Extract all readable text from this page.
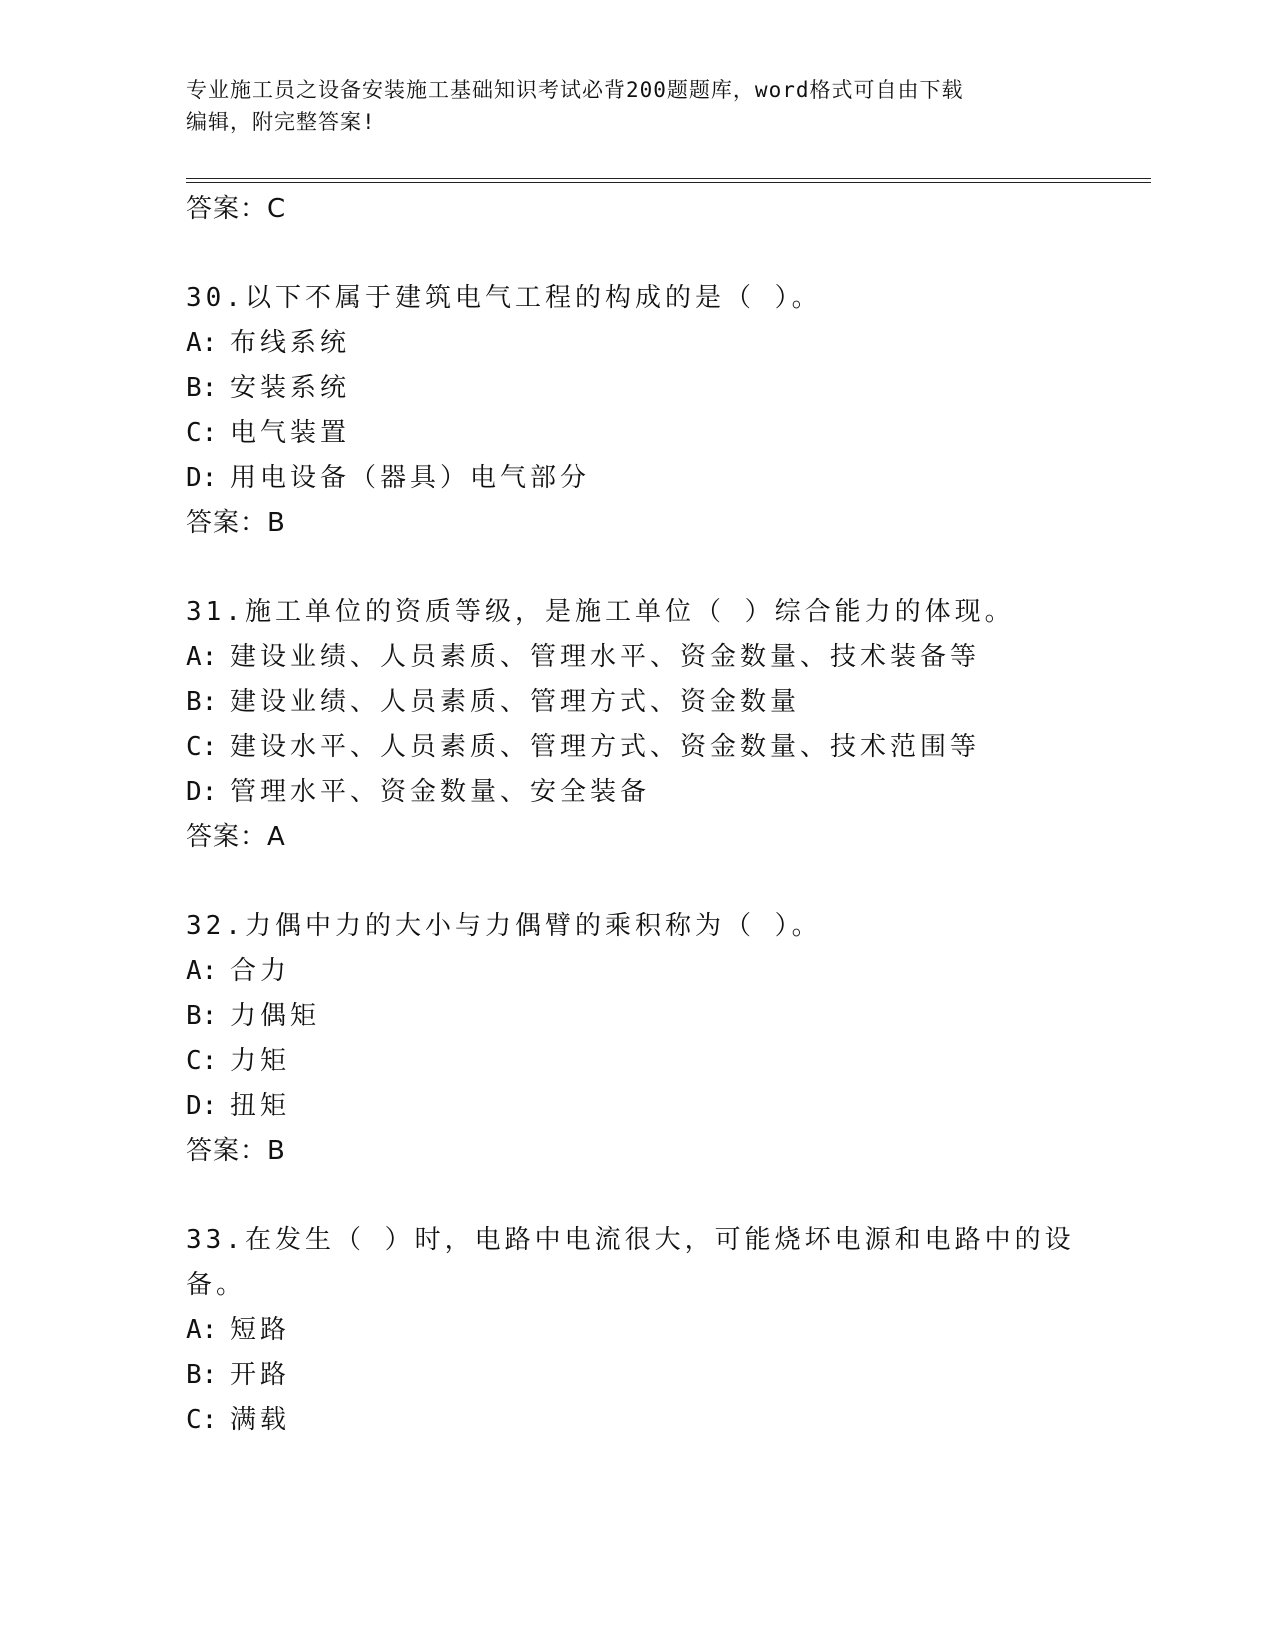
专业施工员之设备安装施工基础知识考试必背200题题库，word格式可自由下载
编辑，附完整答案!
答案：C
30.以下不属于建筑电气工程的构成的是（ ）。
A: 布线系统
B: 安装系统
C: 电气装置
D: 用电设备（器具）电气部分
答案：B
31.施工单位的资质等级，是施工单位（ ）综合能力的体现。
A: 建设业绩、人员素质、管理水平、资金数量、技术装备等
B: 建设业绩、人员素质、管理方式、资金数量
C: 建设水平、人员素质、管理方式、资金数量、技术范围等
D: 管理水平、资金数量、安全装备
答案：A
32.力偶中力的大小与力偶臂的乘积称为（ ）。
A: 合力
B: 力偶矩
C: 力矩
D: 扭矩
答案：B
33.在发生（ ）时，电路中电流很大，可能烧坏电源和电路中的设备。
A: 短路
B: 开路
C: 满载
